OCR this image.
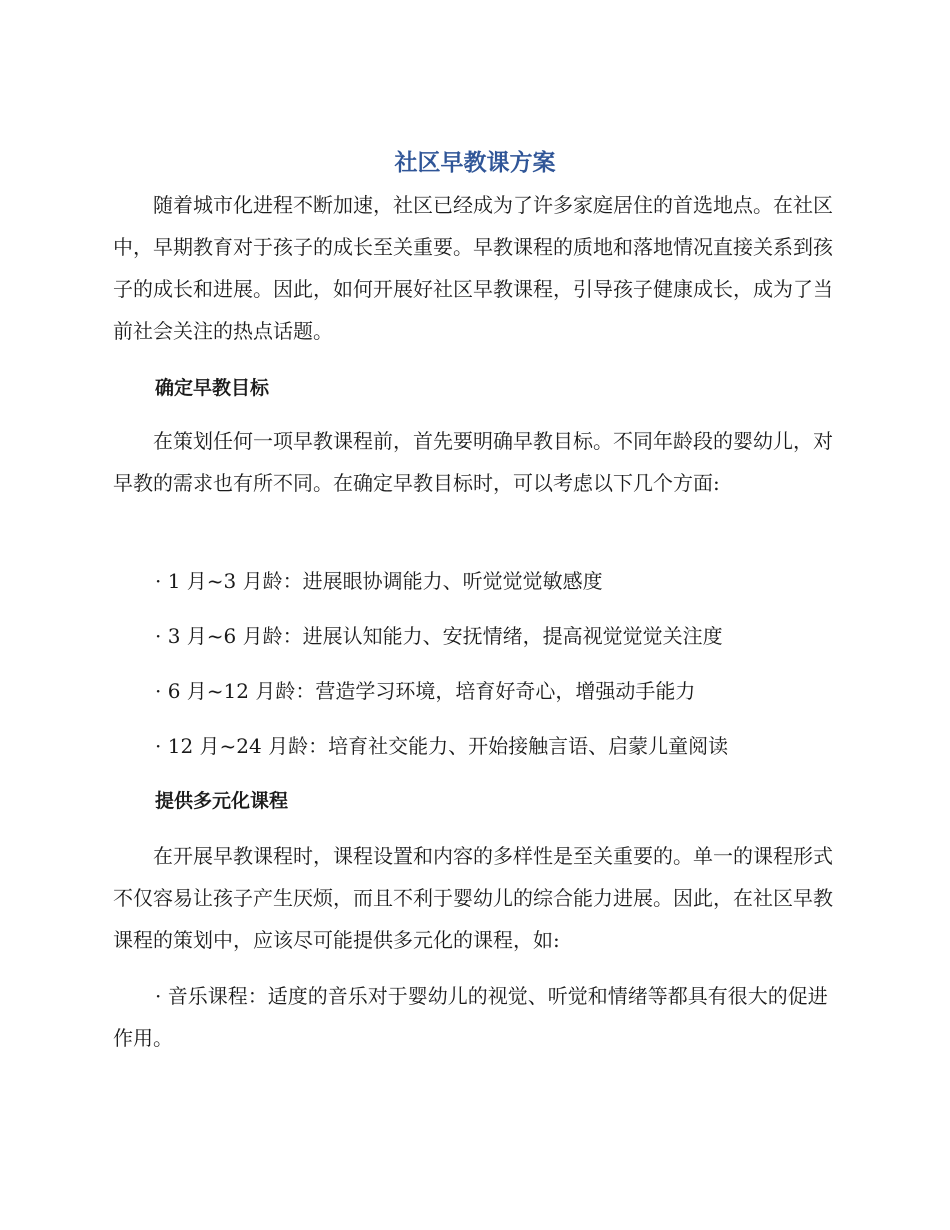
社区早教课方案

随着城市化进程不断加速，社区已经成为了许多家庭居住的首选地点。在社区中，早期教育对于孩子的成长至关重要。早教课程的质地和落地情况直接关系到孩子的成长和进展。因此，如何开展好社区早教课程，引导孩子健康成长，成为了当前社会关注的热点话题。

确定早教目标

在策划任何一项早教课程前，首先要明确早教目标。不同年龄段的婴幼儿，对早教的需求也有所不同。在确定早教目标时，可以考虑以下几个方面:

· 1 月~3 月龄：进展眼协调能力、听觉觉觉敏感度

· 3 月~6 月龄：进展认知能力、安抚情绪，提高视觉觉觉关注度

· 6 月~12 月龄：营造学习环境，培育好奇心，增强动手能力

· 12 月~24 月龄：培育社交能力、开始接触言语、启蒙儿童阅读

提供多元化课程

在开展早教课程时，课程设置和内容的多样性是至关重要的。单一的课程形式不仅容易让孩子产生厌烦，而且不利于婴幼儿的综合能力进展。因此，在社区早教课程的策划中，应该尽可能提供多元化的课程，如:

· 音乐课程：适度的音乐对于婴幼儿的视觉、听觉和情绪等都具有很大的促进作用。
